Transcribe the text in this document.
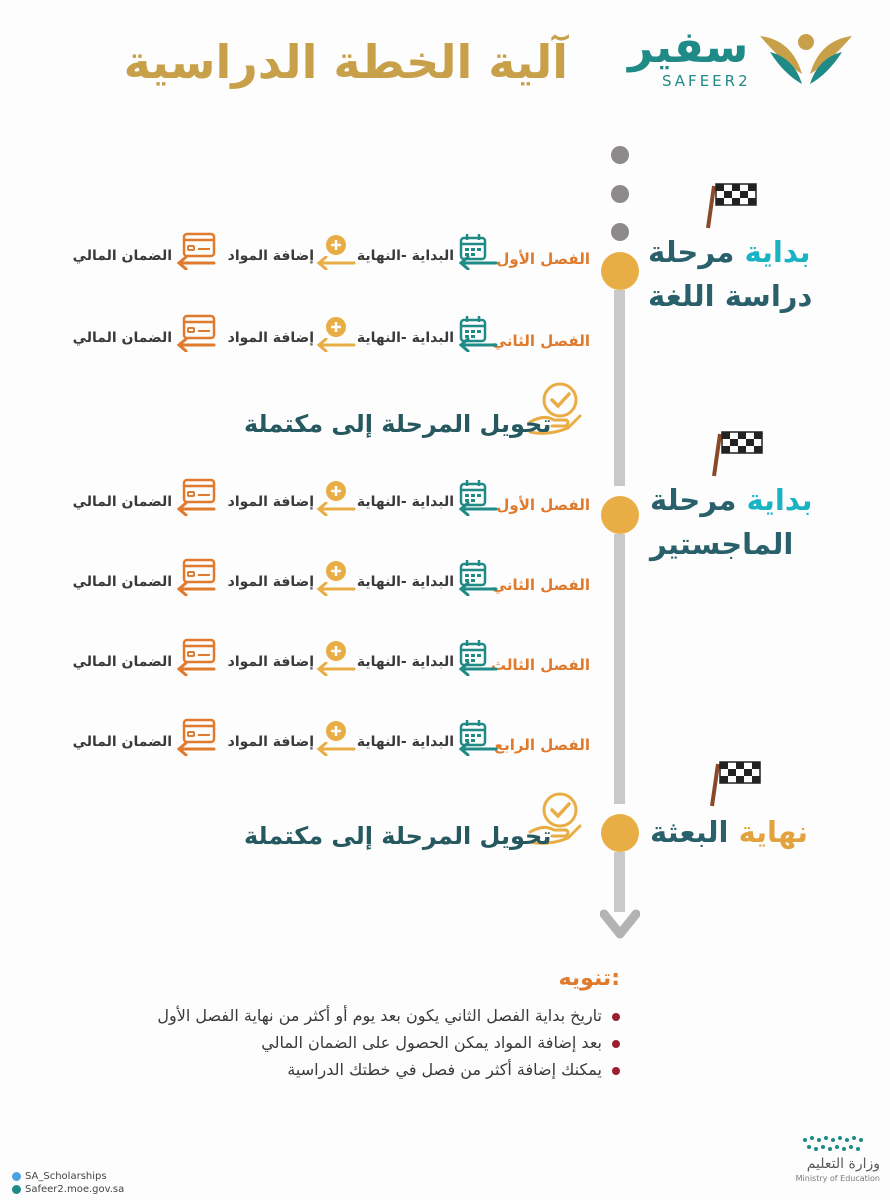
آلية الخطة الدراسية سفير
SAFEER2
بداية مرحلة
دراسة اللغة
بداية مرحلة
الماجستير
نهاية البعثة
الفصل الأول
البداية -النهاية
إضافة المواد
الضمان المالي
الفصل الثاني
البداية -النهاية
إضافة المواد
الضمان المالي
تحويل المرحلة إلى مكتملة
الفصل الأول
البداية -النهاية
إضافة المواد
الضمان المالي
الفصل الثاني
البداية -النهاية
إضافة المواد
الضمان المالي
الفصل الثالث
البداية -النهاية
إضافة المواد
الضمان المالي
الفصل الرابع
البداية -النهاية
إضافة المواد
الضمان المالي
تحويل المرحلة إلى مكتملة
تنويه:
تاريخ بداية الفصل الثاني يكون بعد يوم أو أكثر من نهاية الفصل الأول
بعد إضافة المواد يمكن الحصول على الضمان المالي
يمكنك إضافة أكثر من فصل في خطتك الدراسية
SA_Scholarships
Safeer2.moe.gov.sa
وزارة التعليم
Ministry of Education
